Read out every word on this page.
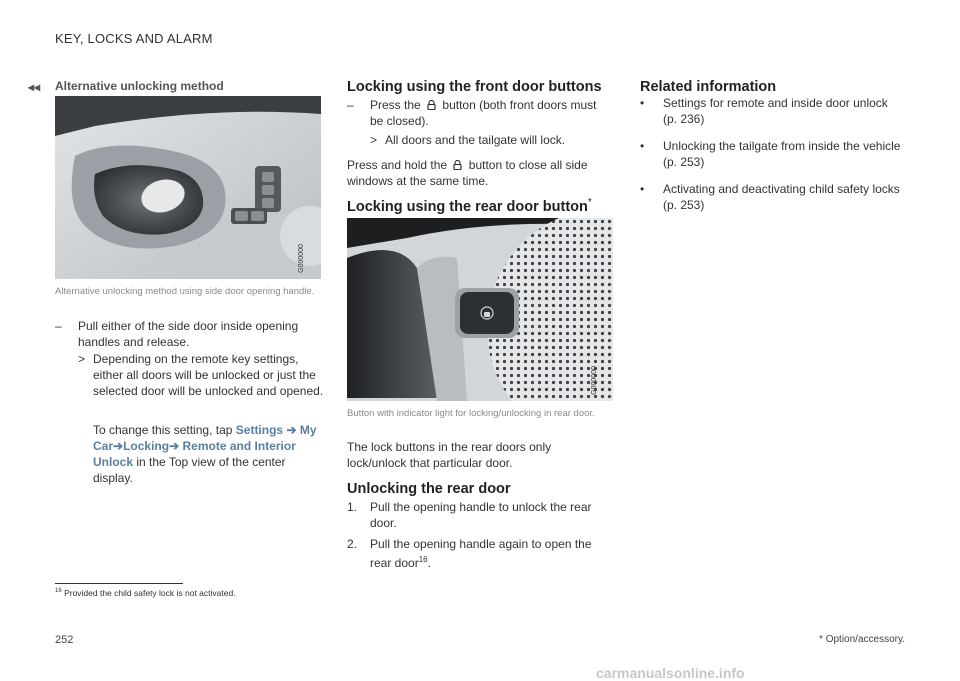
KEY, LOCKS AND ALARM
◂◂ Alternative unlocking method
G000000
Alternative unlocking method using side door opening handle.
– Pull either of the side door inside opening handles and release.
> Depending on the remote key settings, either all doors will be unlocked or just the selected door will be unlocked and opened.
To change this setting, tap Settings ➔ My Car➔Locking➔ Remote and Interior Unlock in the Top view of the center display.
Locking using the front door buttons
– Press the button (both front doors must be closed).
> All doors and the tailgate will lock.
Press and hold the button to close all side windows at the same time.
Locking using the rear door button*
G000000
Button with indicator light for locking/unlocking in rear door.
The lock buttons in the rear doors only lock/unlock that particular door.
Unlocking the rear door
1. Pull the opening handle to unlock the rear door.
2. Pull the opening handle again to open the rear door$^{16}$.
Related information
• Settings for remote and inside door unlock
(p. 236)
• Unlocking the tailgate from inside the vehicle
(p. 253)
• Activating and deactivating child safety locks
(p. 253)
$^{16}$ Provided the child safety lock is not activated.
252	* Option/accessory.
carmanualsonline.info
